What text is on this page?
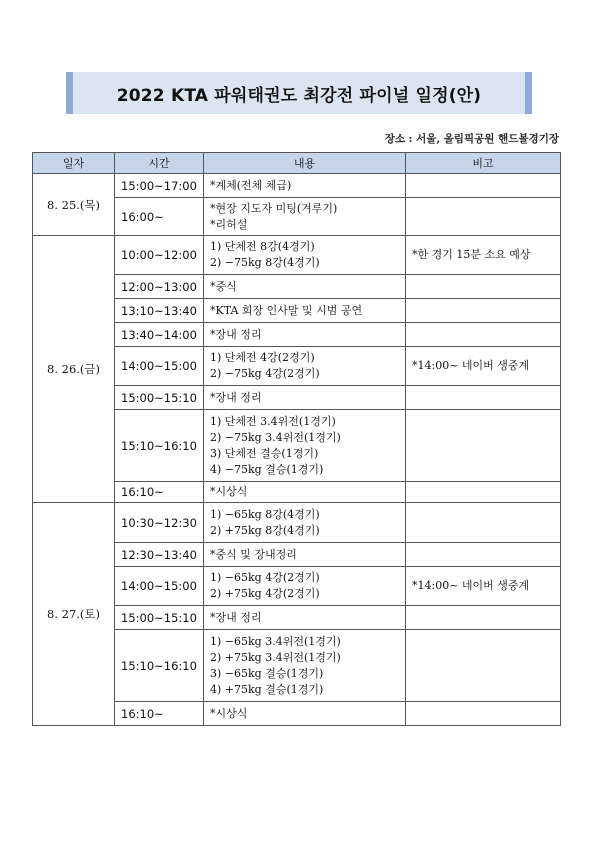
2022 KTA 파워태권도 최강전 파이널 일정(안)
장소 : 서울, 올림픽공원 핸드볼경기장
일자	시간	내용	비고
8. 25.(목)	15:00~17:00	*계체(전체 체급)	

	16:00~	*현장 지도자 미팅(겨루기)
*리허설	

8. 26.(금)	10:00~12:00	1) 단체전 8강(4경기)
2) −75kg 8강(4경기)	*한 경기 15분 소요 예상
	12:00~13:00	*중식	

	13:10~13:40	*KTA 회장 인사말 및 시범 공연	

	13:40~14:00	*장내 정리	

	14:00~15:00	1) 단체전 4강(2경기)
2) −75kg 4강(2경기)	*14:00~ 네이버 생중계
	15:00~15:10	*장내 정리	

	15:10~16:10	1) 단체전 3.4위전(1경기)
2) −75kg 3.4위전(1경기)
3) 단체전 결승(1경기)
4) −75kg 결승(1경기)	

	16:10~	*시상식	

8. 27.(토)	10:30~12:30	1) −65kg 8강(4경기)
2) +75kg 8강(4경기)	

	12:30~13:40	*중식 및 장내정리	

	14:00~15:00	1) −65kg 4강(2경기)
2) +75kg 4강(2경기)	*14:00~ 네이버 생중계
	15:00~15:10	*장내 정리	

	15:10~16:10	1) −65kg 3.4위전(1경기)
2) +75kg 3.4위전(1경기)
3) −65kg 결승(1경기)
4) +75kg 결승(1경기)	

	16:10~	*시상식	
